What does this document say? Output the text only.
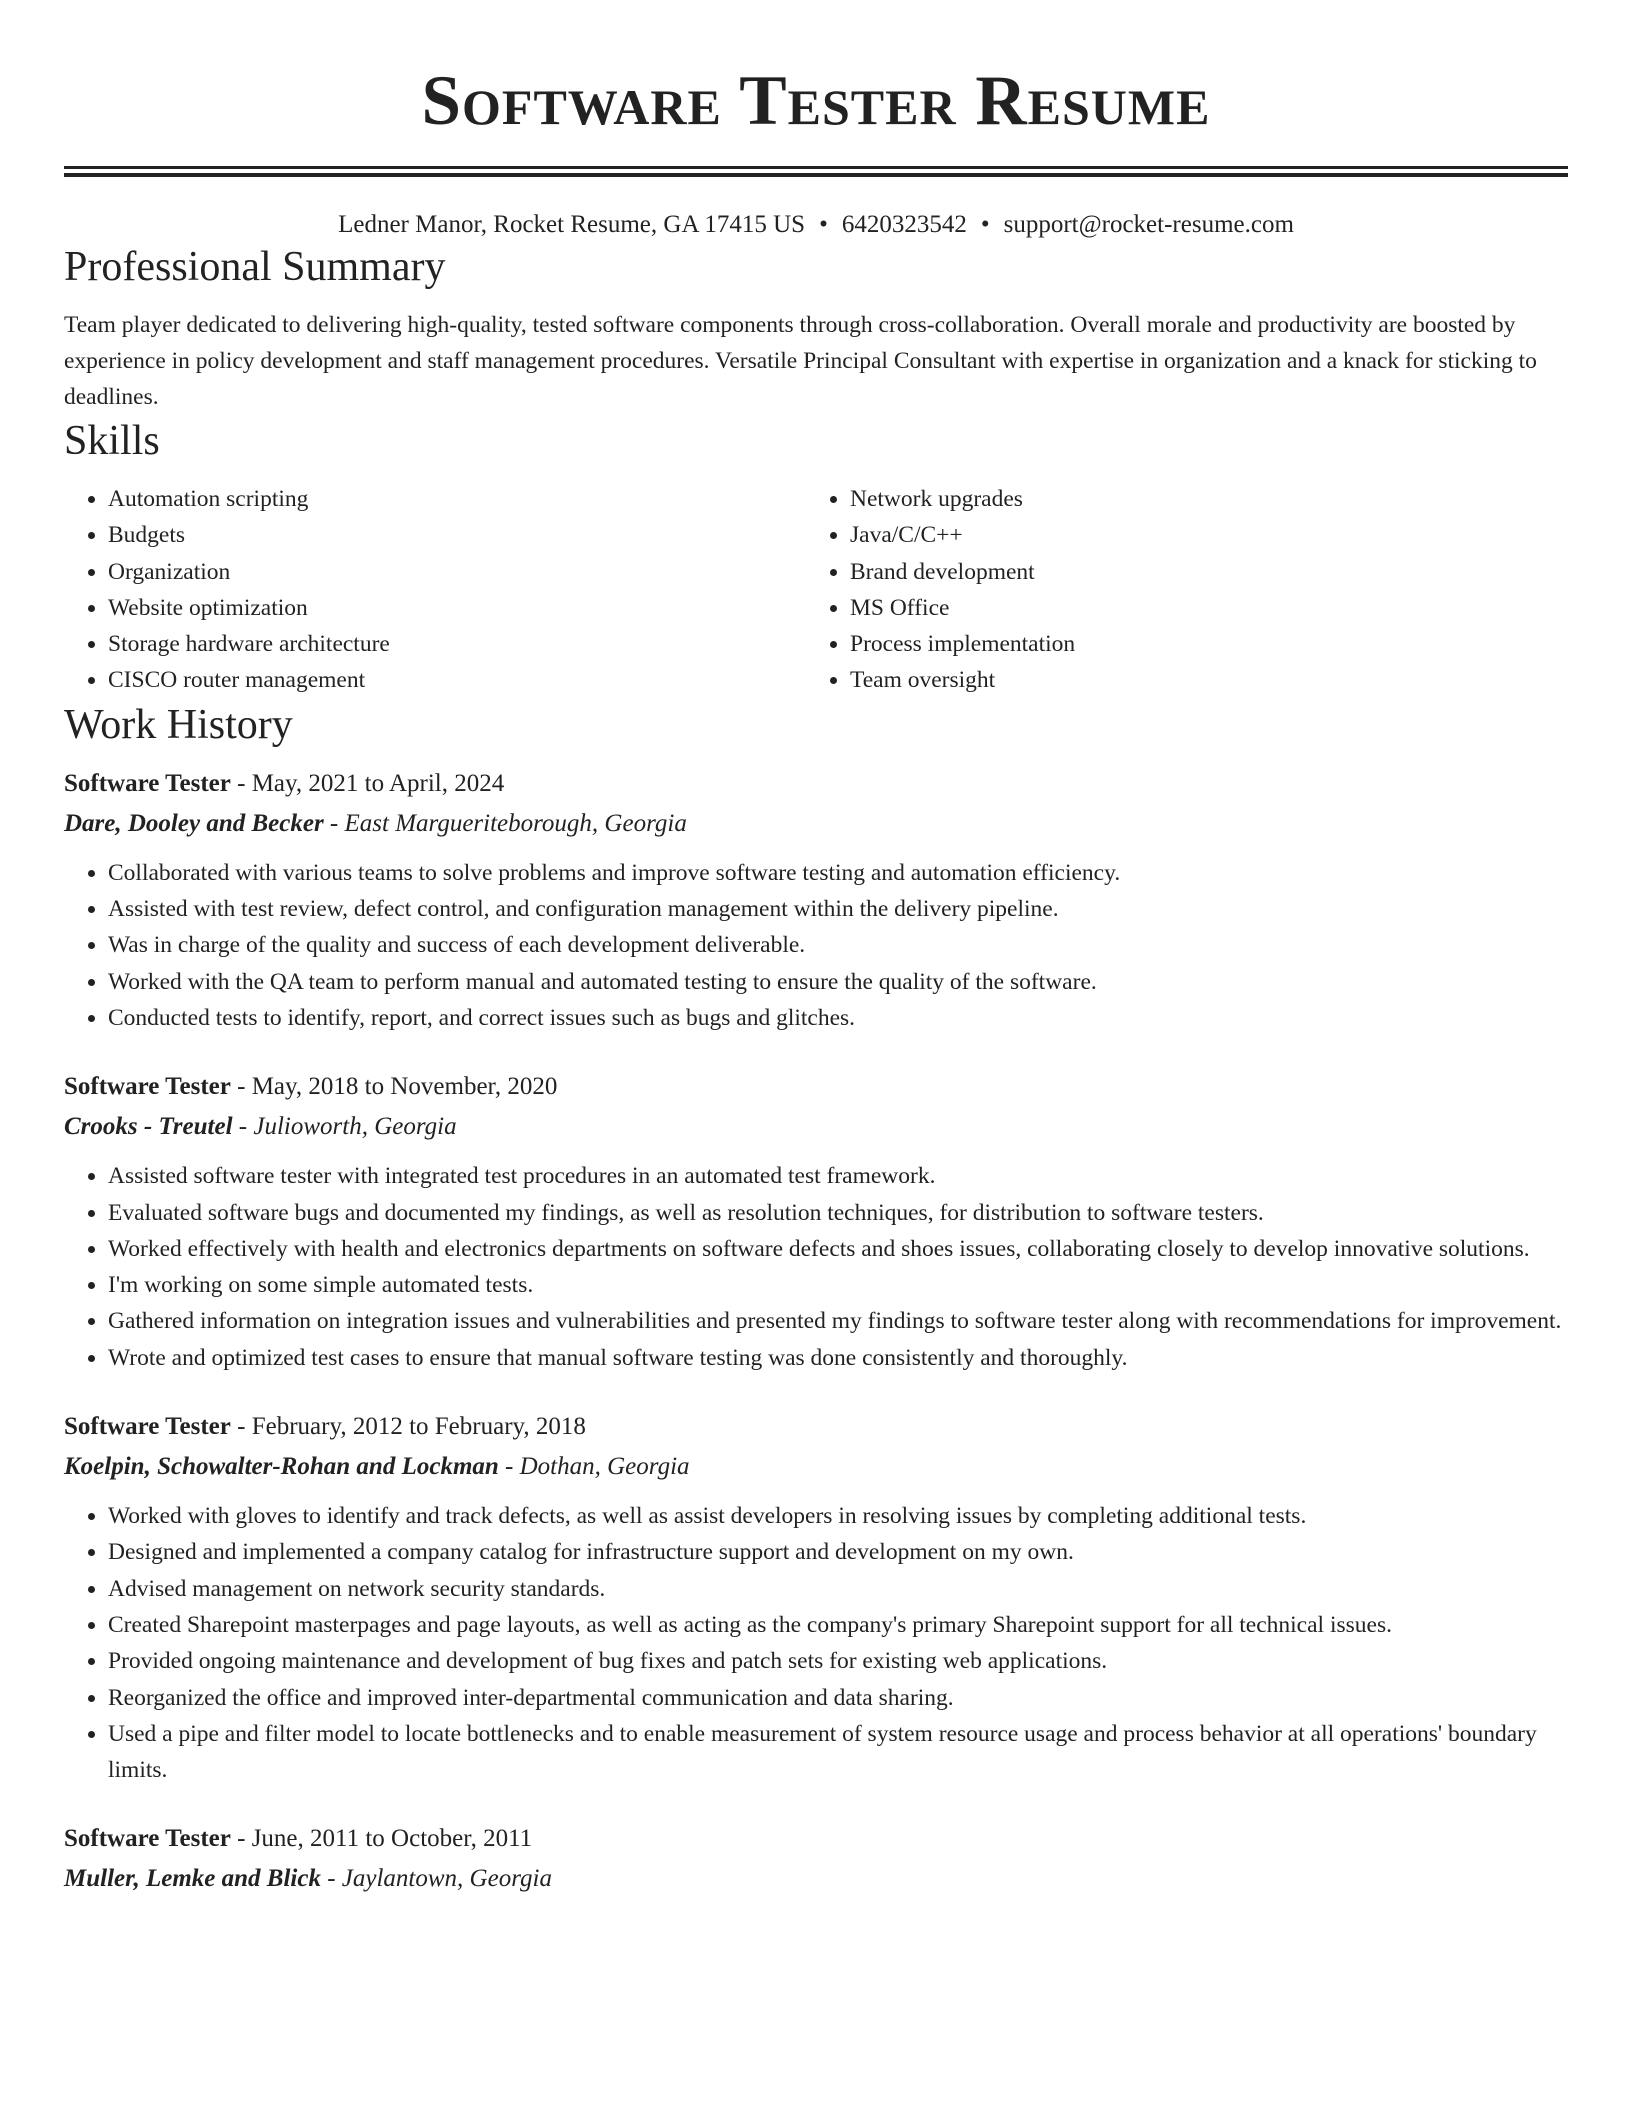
Software Tester Resume
Ledner Manor, Rocket Resume, GA 17415 US • 6420323542 • support@rocket-resume.com
Professional Summary

Team player dedicated to delivering high-quality, tested software components through cross-collaboration. Overall morale and productivity are boosted by experience in policy development and staff management procedures. Versatile Principal Consultant with expertise in organization and a knack for sticking to deadlines.

Skills
• Automation scripting
• Budgets
• Organization
• Website optimization
• Storage hardware architecture
• CISCO router management
• Network upgrades
• Java/C/C++
• Brand development
• MS Office
• Process implementation
• Team oversight
Work History
Software Tester - May, 2021 to April, 2024
Dare, Dooley and Becker - East Margueriteborough, Georgia
• Collaborated with various teams to solve problems and improve software testing and automation efficiency.
• Assisted with test review, defect control, and configuration management within the delivery pipeline.
• Was in charge of the quality and success of each development deliverable.
• Worked with the QA team to perform manual and automated testing to ensure the quality of the software.
• Conducted tests to identify, report, and correct issues such as bugs and glitches.
Software Tester - May, 2018 to November, 2020
Crooks - Treutel - Julioworth, Georgia
• Assisted software tester with integrated test procedures in an automated test framework.
• Evaluated software bugs and documented my findings, as well as resolution techniques, for distribution to software testers.
• Worked effectively with health and electronics departments on software defects and shoes issues, collaborating closely to develop innovative solutions.
• I'm working on some simple automated tests.
• Gathered information on integration issues and vulnerabilities and presented my findings to software tester along with recommendations for improvement.
• Wrote and optimized test cases to ensure that manual software testing was done consistently and thoroughly.
Software Tester - February, 2012 to February, 2018
Koelpin, Schowalter-Rohan and Lockman - Dothan, Georgia
• Worked with gloves to identify and track defects, as well as assist developers in resolving issues by completing additional tests.
• Designed and implemented a company catalog for infrastructure support and development on my own.
• Advised management on network security standards.
• Created Sharepoint masterpages and page layouts, as well as acting as the company's primary Sharepoint support for all technical issues.
• Provided ongoing maintenance and development of bug fixes and patch sets for existing web applications.
• Reorganized the office and improved inter-departmental communication and data sharing.
• Used a pipe and filter model to locate bottlenecks and to enable measurement of system resource usage and process behavior at all operations' boundary limits.
Software Tester - June, 2011 to October, 2011
Muller, Lemke and Blick - Jaylantown, Georgia
